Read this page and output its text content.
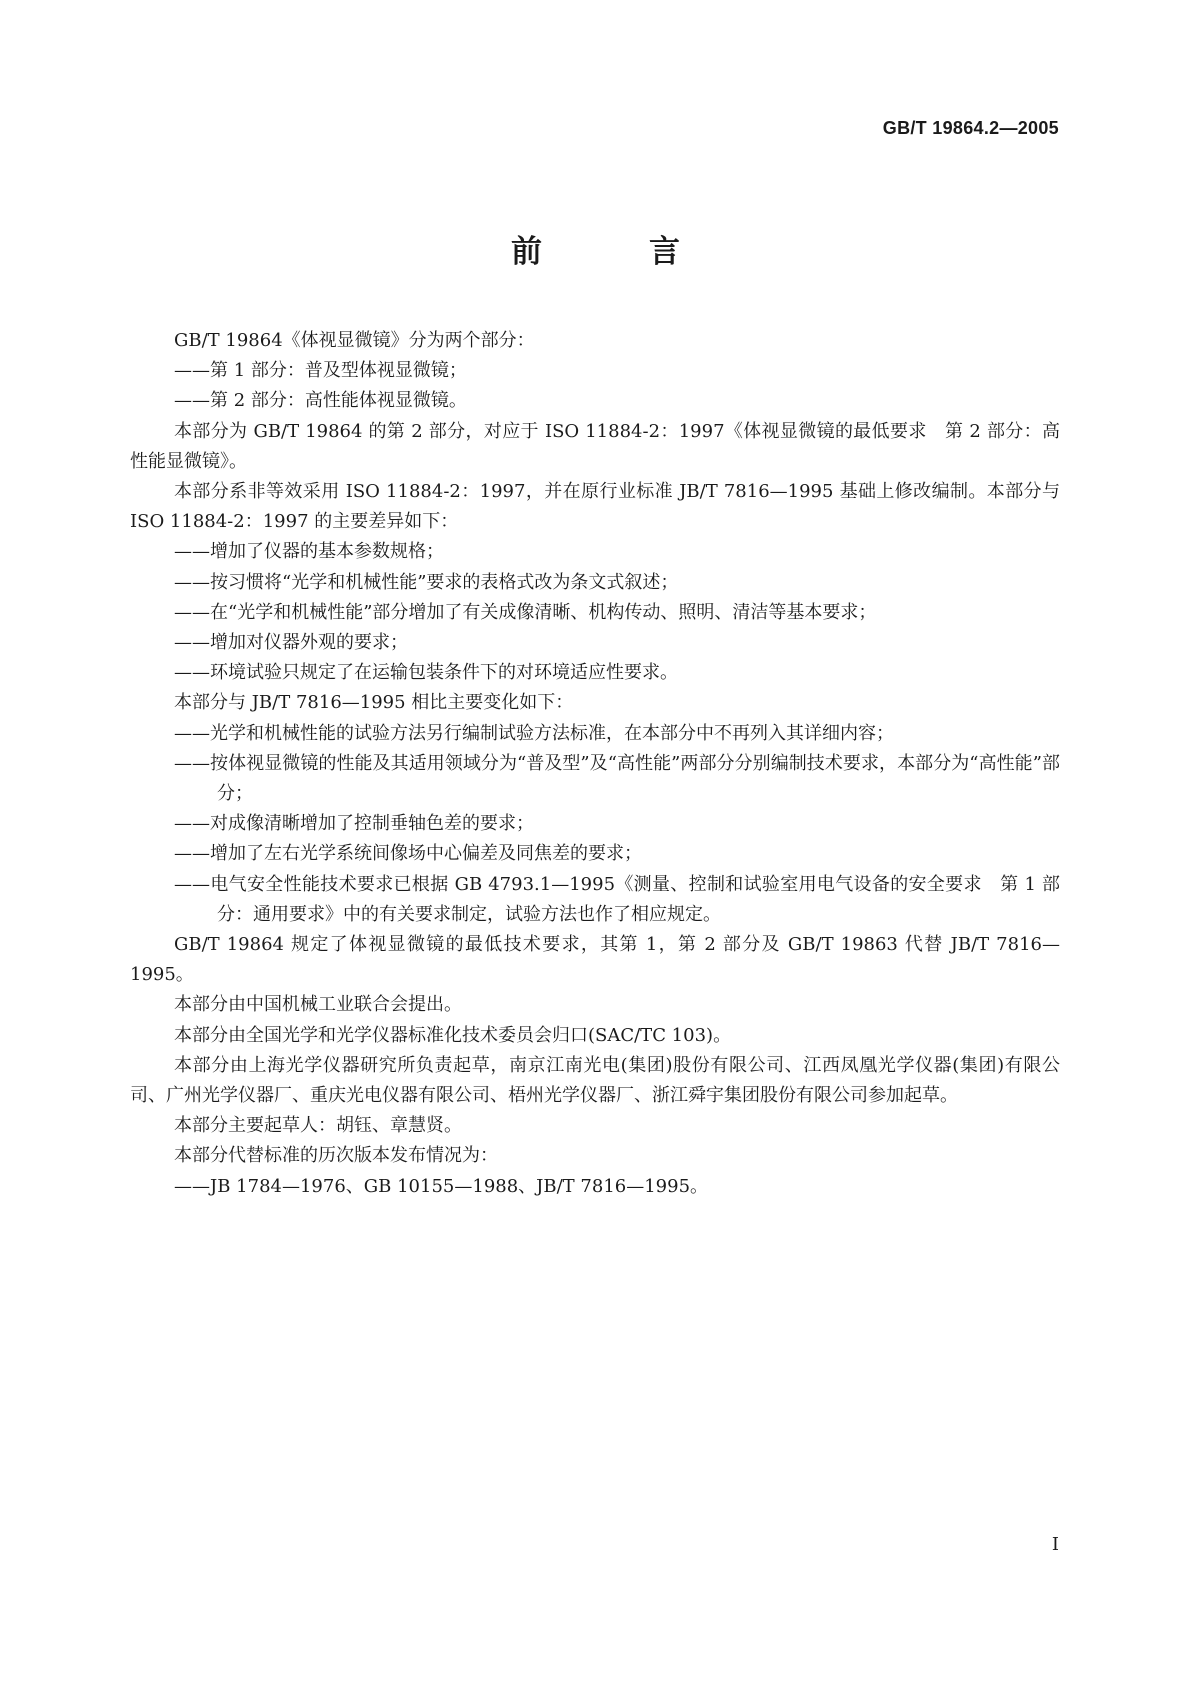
GB/T 19864.2—2005
前　言

GB/T 19864《体视显微镜》分为两个部分：

——第 1 部分：普及型体视显微镜；

——第 2 部分：高性能体视显微镜。

本部分为 GB/T 19864 的第 2 部分，对应于 ISO 11884-2：1997《体视显微镜的最低要求　第 2 部分：高性能显微镜》。

本部分系非等效采用 ISO 11884-2：1997，并在原行业标准 JB/T 7816—1995 基础上修改编制。本部分与ISO 11884-2：1997 的主要差异如下：

——增加了仪器的基本参数规格；

——按习惯将“光学和机械性能”要求的表格式改为条文式叙述；

——在“光学和机械性能”部分增加了有关成像清晰、机构传动、照明、清洁等基本要求；

——增加对仪器外观的要求；

——环境试验只规定了在运输包装条件下的对环境适应性要求。

本部分与 JB/T 7816—1995 相比主要变化如下：

——光学和机械性能的试验方法另行编制试验方法标准，在本部分中不再列入其详细内容；

——按体视显微镜的性能及其适用领域分为“普及型”及“高性能”两部分分别编制技术要求，本部分为“高性能”部分；

——对成像清晰增加了控制垂轴色差的要求；

——增加了左右光学系统间像场中心偏差及同焦差的要求；

——电气安全性能技术要求已根据 GB 4793.1—1995《测量、控制和试验室用电气设备的安全要求　第 1 部分：通用要求》中的有关要求制定，试验方法也作了相应规定。

GB/T 19864 规定了体视显微镜的最低技术要求，其第 1，第 2 部分及 GB/T 19863 代替 JB/T 7816—1995。

本部分由中国机械工业联合会提出。

本部分由全国光学和光学仪器标准化技术委员会归口(SAC/TC 103)。

本部分由上海光学仪器研究所负责起草，南京江南光电(集团)股份有限公司、江西凤凰光学仪器(集团)有限公司、广州光学仪器厂、重庆光电仪器有限公司、梧州光学仪器厂、浙江舜宇集团股份有限公司参加起草。

本部分主要起草人：胡钰、章慧贤。

本部分代替标准的历次版本发布情况为：

——JB 1784—1976、GB 10155—1988、JB/T 7816—1995。

I
